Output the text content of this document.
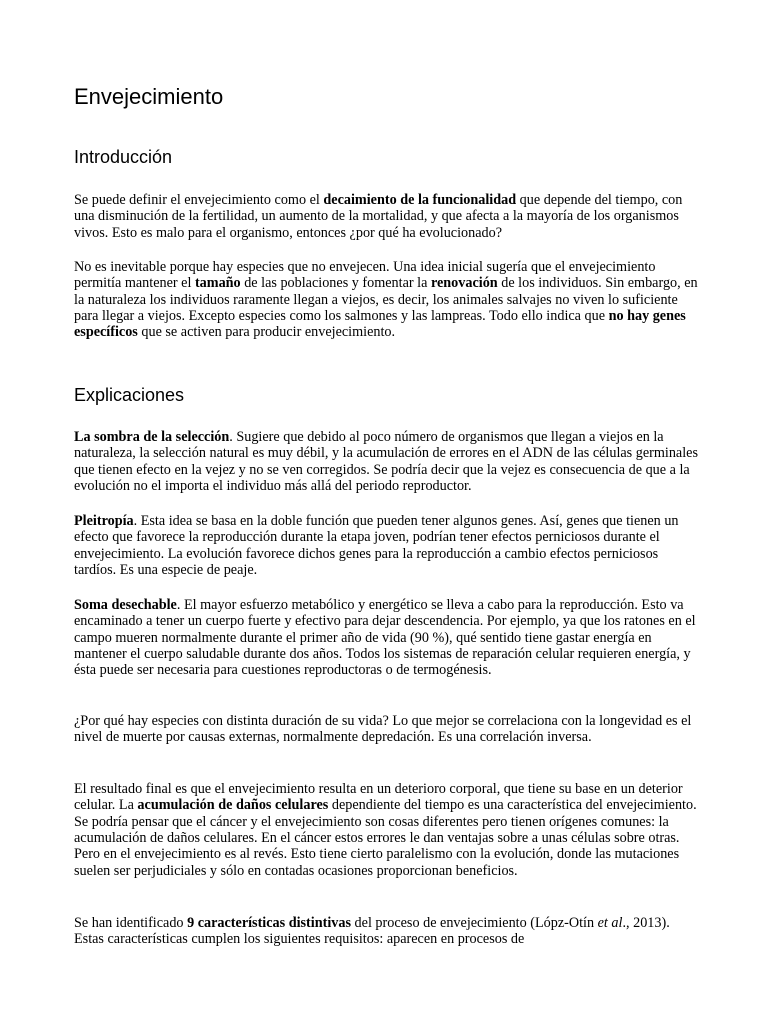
Envejecimiento
Introducción

Se puede definir el envejecimiento como el decaimiento de la funcionalidad que depende del tiempo, con una disminución de la fertilidad, un aumento de la mortalidad, y que afecta a la mayoría de los organismos vivos. Esto es malo para el organismo, entonces ¿por qué ha evolucionado?

No es inevitable porque hay especies que no envejecen. Una idea inicial sugería que el envejecimiento permitía mantener el tamaño de las poblaciones y fomentar la renovación de los individuos. Sin embargo, en la naturaleza los individuos raramente llegan a viejos, es decir, los animales salvajes no viven lo suficiente para llegar a viejos. Excepto especies como los salmones y las lampreas. Todo ello indica que no hay genes específicos que se activen para producir envejecimiento.

Explicaciones

La sombra de la selección. Sugiere que debido al poco número de organismos que llegan a viejos en la naturaleza, la selección natural es muy débil, y la acumulación de errores en el ADN de las células germinales que tienen efecto en la vejez y no se ven corregidos. Se podría decir que la vejez es consecuencia de que a la evolución no el importa el individuo más allá del periodo reproductor.

Pleitropía. Esta idea se basa en la doble función que pueden tener algunos genes. Así, genes que tienen un efecto que favorece la reproducción durante la etapa joven, podrían tener efectos perniciosos durante el envejecimiento. La evolución favorece dichos genes para la reproducción a cambio efectos perniciosos tardíos. Es una especie de peaje.

Soma desechable. El mayor esfuerzo metabólico y energético se lleva a cabo para la reproducción. Esto va encaminado a tener un cuerpo fuerte y efectivo para dejar descendencia. Por ejemplo, ya que los ratones en el campo mueren normalmente durante el primer año de vida (90 %), qué sentido tiene gastar energía en mantener el cuerpo saludable durante dos años. Todos los sistemas de reparación celular requieren energía, y ésta puede ser necesaria para cuestiones reproductoras o de termogénesis.

¿Por qué hay especies con distinta duración de su vida? Lo que mejor se correlaciona con la longevidad es el nivel de muerte por causas externas, normalmente depredación. Es una correlación inversa.

El resultado final es que el envejecimiento resulta en un deterioro corporal, que tiene su base en un deterior celular. La acumulación de daños celulares dependiente del tiempo es una característica del envejecimiento. Se podría pensar que el cáncer y el envejecimiento son cosas diferentes pero tienen orígenes comunes: la acumulación de daños celulares. En el cáncer estos errores le dan ventajas sobre a unas células sobre otras. Pero en el envejecimiento es al revés. Esto tiene cierto paralelismo con la evolución, donde las mutaciones suelen ser perjudiciales y sólo en contadas ocasiones proporcionan beneficios.

Se han identificado 9 características distintivas del proceso de envejecimiento (Lópz-Otín et al., 2013). Estas características cumplen los siguientes requisitos: aparecen en procesos de
